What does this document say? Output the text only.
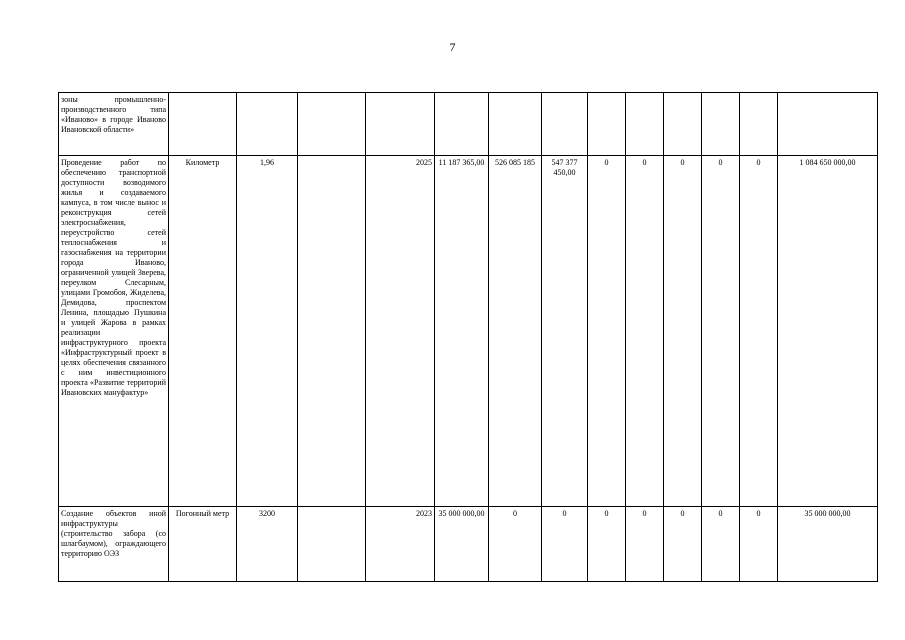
7
зоны промышленно-производственного типа «Иваново» в городе Иваново Ивановской области»													
Проведение работ по обеспечению транспортной доступности возводимого жилья и создаваемого кампуса, в том числе вынос и реконструкция сетей электроснабжения, переустройство сетей теплоснабжения и газоснабжения на территории города Иваново, ограниченной улицей Зверева, переулком Слесарным, улицами Громобоя, Жиделева, Демидова, проспектом Ленина, площадью Пушкина и улицей Жарова в рамках реализации инфраструктурного проекта «Инфраструктурный проект в целях обеспечения связанного с ним инвестиционного проекта «Развитие территорий Ивановских мануфактур»	Километр	1,96		2025	11 187 365,00	526 085 185	547 377 450,00	0	0	0	0	0	1 084 650 000,00
Создание объектов иной инфраструктуры (строительство забора (со шлагбаумом), ограждающего территорию ОЭЗ	Погонный метр	3200		2023	35 000 000,00	0	0	0	0	0	0	0	35 000 000,00
